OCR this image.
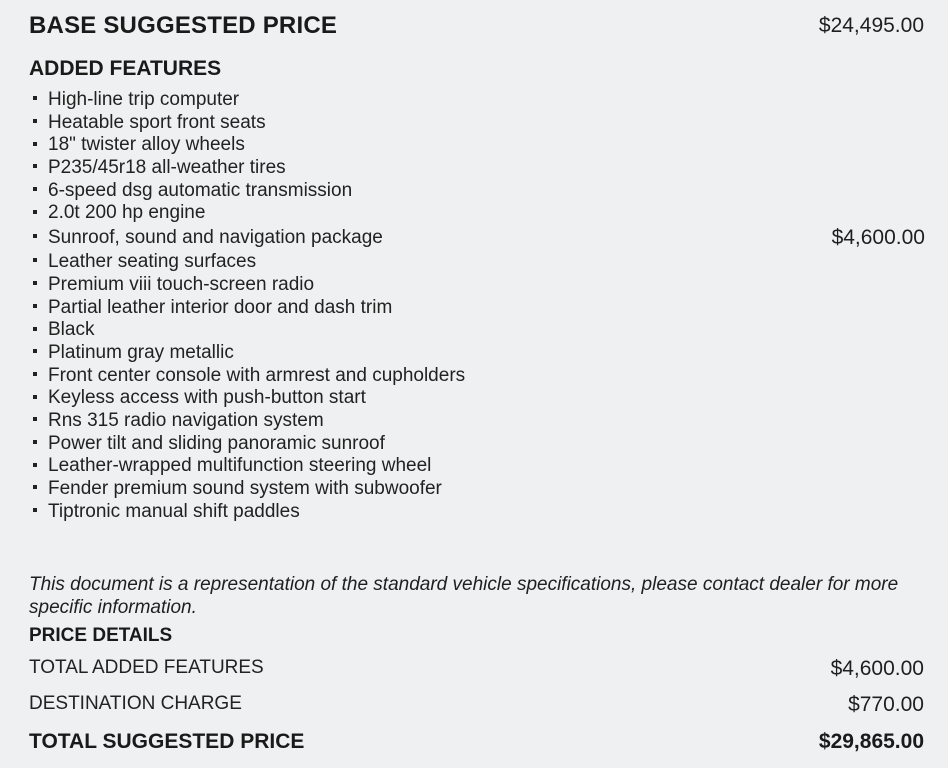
BASE SUGGESTED PRICE	$24,495.00
ADDED FEATURES
High-line trip computer
Heatable sport front seats
18" twister alloy wheels
P235/45r18 all-weather tires
6-speed dsg automatic transmission
2.0t 200 hp engine
Sunroof, sound and navigation package	$4,600.00
Leather seating surfaces
Premium viii touch-screen radio
Partial leather interior door and dash trim
Black
Platinum gray metallic
Front center console with armrest and cupholders
Keyless access with push-button start
Rns 315 radio navigation system
Power tilt and sliding panoramic sunroof
Leather-wrapped multifunction steering wheel
Fender premium sound system with subwoofer
Tiptronic manual shift paddles
This document is a representation of the standard vehicle specifications, please contact dealer for more specific information.
PRICE DETAILS
TOTAL ADDED FEATURES	$4,600.00
DESTINATION CHARGE	$770.00
TOTAL SUGGESTED PRICE	$29,865.00
